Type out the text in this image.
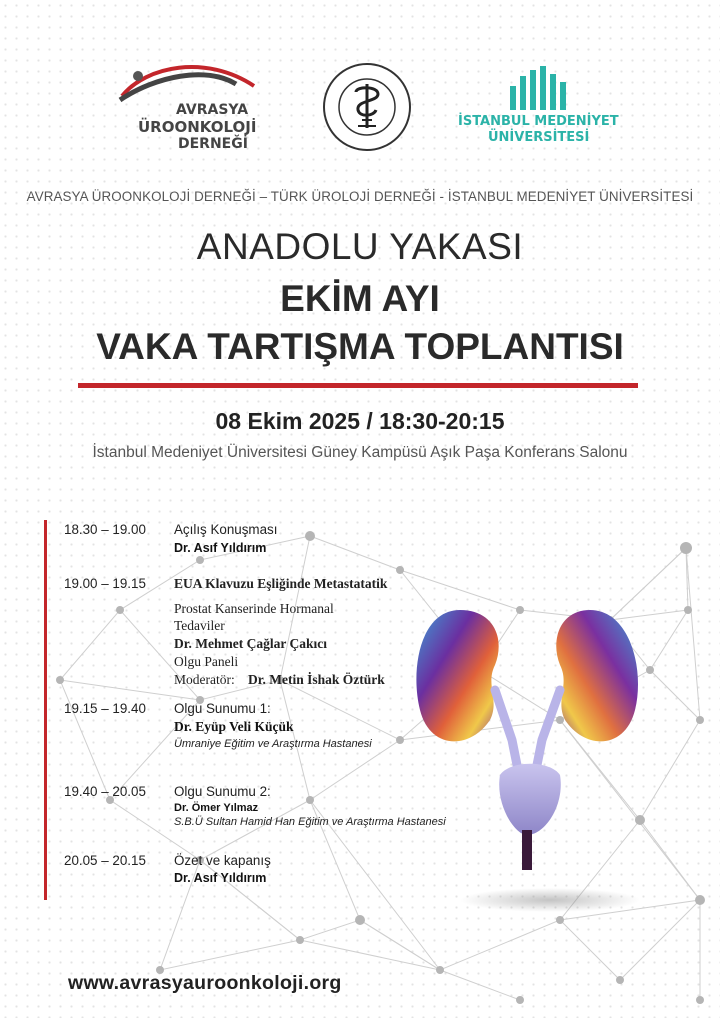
AVRASYA
ÜROONKOLOJİ
DERNEĞİ
İSTANBUL MEDENİYET
ÜNİVERSİTESİ
AVRASYA ÜROONKOLOJİ DERNEĞİ – TÜRK ÜROLOJİ DERNEĞİ - İSTANBUL MEDENİYET ÜNİVERSİTESİ
ANADOLU YAKASI
EKİM AYI
VAKA TARTIŞMA TOPLANTISI
08 Ekim 2025 / 18:30-20:15
İstanbul Medeniyet Üniversitesi Güney Kampüsü Aşık Paşa Konferans Salonu
18.30 – 19.00 Açılış Konuşması
Dr. Asıf Yıldırım
19.00 – 19.15 EUA Klavuzu Eşliğinde Metastatatik
Prostat Kanserinde Hormanal
Tedaviler
Dr. Mehmet Çağlar Çakıcı
Olgu Paneli
Moderatör: Dr. Metin İshak Öztürk
19.15 – 19.40 Olgu Sunumu 1:
Dr. Eyüp Veli Küçük
Ümraniye Eğitim ve Araştırma Hastanesi
19.40 – 20.05 Olgu Sunumu 2:
Dr. Ömer Yılmaz
S.B.Ü Sultan Hamid Han Eğitim ve Araştırma Hastanesi
20.05 – 20.15 Özet ve kapanış
Dr. Asıf Yıldırım
www.avrasyauroonkoloji.org
